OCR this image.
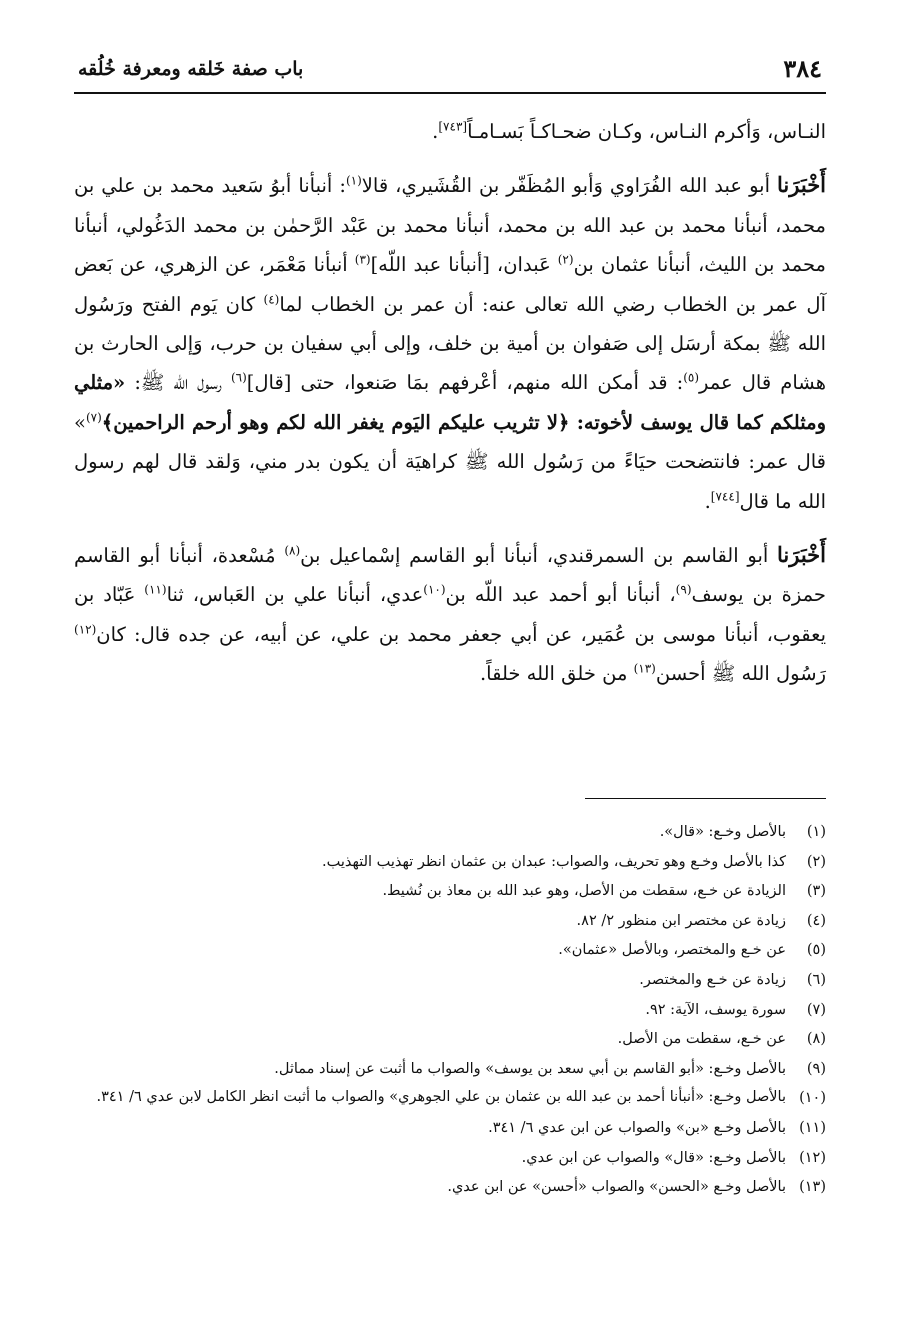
٣٨٤
باب صفة خَلقه ومعرفة خُلُقه

النـاس، وَأكرم النـاس، وكـان ضحـاكـاً بَسـامـاً[٧٤٣].

أَخْبَرَنا أبو عبد الله الفُرَاوي وَأبو المُظَفّر بن القُشَيري، قالا$^{(١)}$: أنبأنا أبوُ سَعيد محمد بن علي بن محمد، أنبأنا محمد بن عبد الله بن محمد، أنبأنا محمد بن عَبْد الرَّحمٰن بن محمد الدَغُولي، أنبأنا محمد بن الليث، أنبأنا عثمان بن$^{(٢)}$ عَبدان، [أنبأنا عبد اللّه]$^{(٣)}$ أنبأنا مَعْمَر، عن الزهري، عن بَعض آل عمر بن الخطاب رضي الله تعالى عنه: أن عمر بن الخطاب لما$^{(٤)}$ كان يَوم الفتح ورَسُول الله ﷺ بمكة أرسَل إلى صَفوان بن أمية بن خلف، وإلى أبي سفيان بن حرب، وَإلى الحارث بن هشام قال عمر$^{(٥)}$: قد أمكن الله منهم، أعْرفهم بمَا صَنعوا، حتى [قال]$^{(٦)}$ رسول الله ﷺ: «مثلي ومثلكم كما قال يوسف لأخوته: ﴿لا تثريب عليكم اليَوم يغفر الله لكم وهو أرحم الراحمين﴾$^{(٧)}$» قال عمر: فانتضحت حيَاءً من رَسُول الله ﷺ كراهيَة أن يكون بدر مني، وَلقد قال لهم رسول الله ما قال[٧٤٤].

أَخْبَرَنا أبو القاسم بن السمرقندي، أنبأنا أبو القاسم إسْماعيل بن$^{(٨)}$ مُسْعدة، أنبأنا أبو القاسم حمزة بن يوسف$^{(٩)}$، أنبأنا أبو أحمد عبد اللّه بن$^{(١٠)}$عدي، أنبأنا علي بن العَباس، ثنا$^{(١١)}$ عَبّاد بن يعقوب، أنبأنا موسى بن عُمَير، عن أبي جعفر محمد بن علي، عن أبيه، عن جده قال: كان$^{(١٢)}$ رَسُول الله ﷺ أحسن$^{(١٣)}$ من خلق الله خلقاً.

(١)
بالأصل وخـع: «قال».
(٢)
كذا بالأصل وخـع وهو تحريف، والصواب: عبدان بن عثمان انظر تهذيب التهذيب.
(٣)
الزيادة عن خـع، سقطت من الأصل، وهو عبد الله بن معاذ بن نُشيط.
(٤)
زيادة عن مختصر ابن منظور ٢/ ٨٢.
(٥)
عن خـع والمختصر، وبالأصل «عثمان».
(٦)
زيادة عن خـع والمختصر.
(٧)
سورة يوسف، الآية: ٩٢.
(٨)
عن خـع، سقطت من الأصل.
(٩)
بالأصل وخـع: «أبو القاسم بن أبي سعد بن يوسف» والصواب ما أثبت عن إسناد مماثل.
(١٠)
بالأصل وخـع: «أنبأنا أحمد بن عبد الله بن عثمان بن علي الجوهري» والصواب ما أثبت انظر الكامل لابن عدي ٦/ ٣٤١.
(١١)
بالأصل وخـع «بن» والصواب عن ابن عدي ٦/ ٣٤١.
(١٢)
بالأصل وخـع: «قال» والصواب عن ابن عدي.
(١٣)
بالأصل وخـع «الحسن» والصواب «أحسن» عن ابن عدي.
